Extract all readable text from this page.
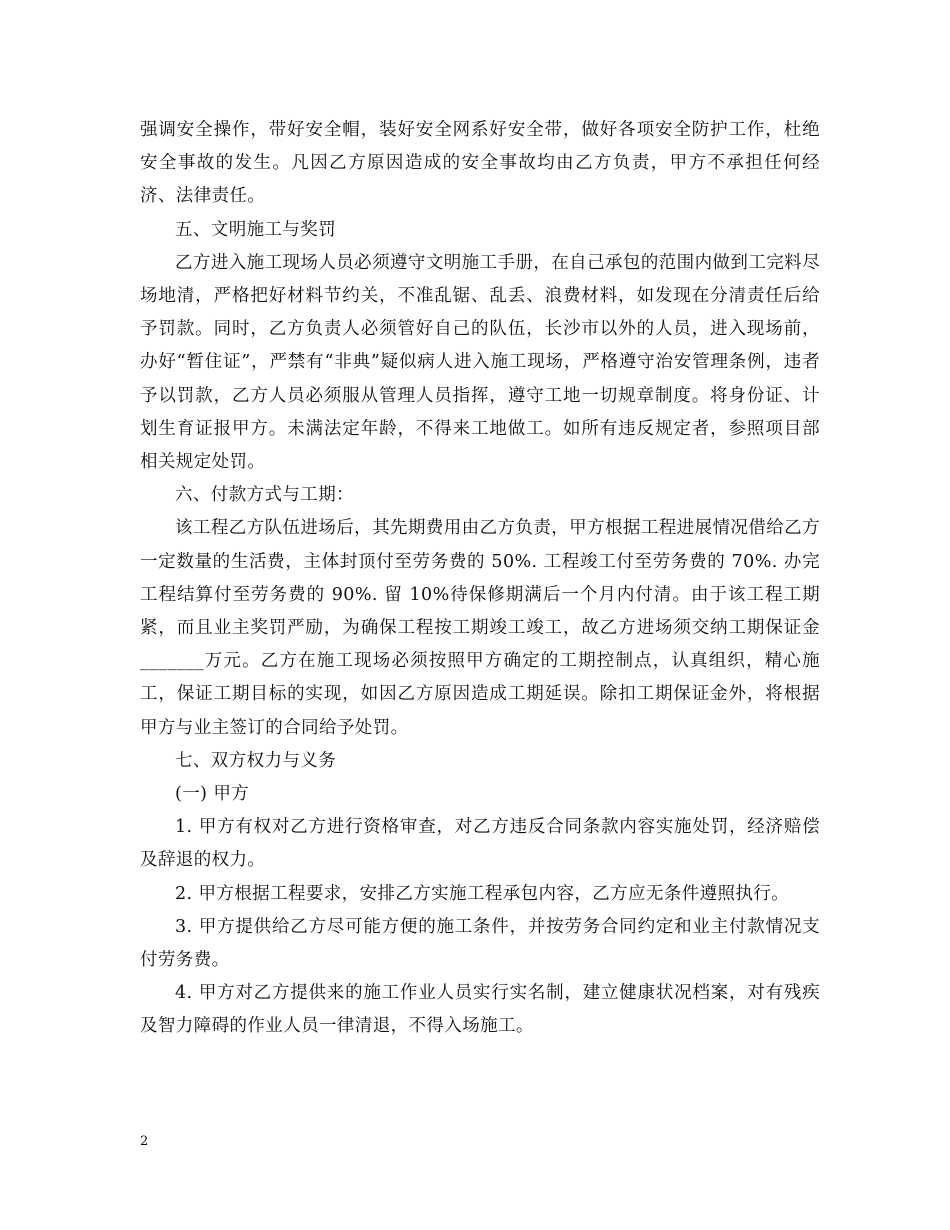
强调安全操作，带好安全帽，装好安全网系好安全带，做好各项安全防护工作，杜绝安全事故的发生。凡因乙方原因造成的安全事故均由乙方负责，甲方不承担任何经济、法律责任。

五、文明施工与奖罚

乙方进入施工现场人员必须遵守文明施工手册，在自己承包的范围内做到工完料尽场地清，严格把好材料节约关，不准乱锯、乱丢、浪费材料，如发现在分清责任后给予罚款。同时，乙方负责人必须管好自己的队伍，长沙市以外的人员，进入现场前，办好“暂住证”，严禁有“非典”疑似病人进入施工现场，严格遵守治安管理条例，违者予以罚款，乙方人员必须服从管理人员指挥，遵守工地一切规章制度。将身份证、计划生育证报甲方。未满法定年龄，不得来工地做工。如所有违反规定者，参照项目部相关规定处罚。

六、付款方式与工期：

该工程乙方队伍进场后，其先期费用由乙方负责，甲方根据工程进展情况借给乙方一定数量的生活费，主体封顶付至劳务费的 50%. 工程竣工付至劳务费的 70%. 办完工程结算付至劳务费的 90%. 留 10%待保修期满后一个月内付清。由于该工程工期紧，而且业主奖罚严励，为确保工程按工期竣工竣工，故乙方进场须交纳工期保证金_______万元。乙方在施工现场必须按照甲方确定的工期控制点，认真组织，精心施工，保证工期目标的实现，如因乙方原因造成工期延误。除扣工期保证金外，将根据甲方与业主签订的合同给予处罚。

七、双方权力与义务

(一) 甲方

1. 甲方有权对乙方进行资格审查，对乙方违反合同条款内容实施处罚，经济赔偿及辞退的权力。

2. 甲方根据工程要求，安排乙方实施工程承包内容，乙方应无条件遵照执行。

3. 甲方提供给乙方尽可能方便的施工条件，并按劳务合同约定和业主付款情况支付劳务费。

4. 甲方对乙方提供来的施工作业人员实行实名制，建立健康状况档案，对有残疾及智力障碍的作业人员一律清退，不得入场施工。

2
